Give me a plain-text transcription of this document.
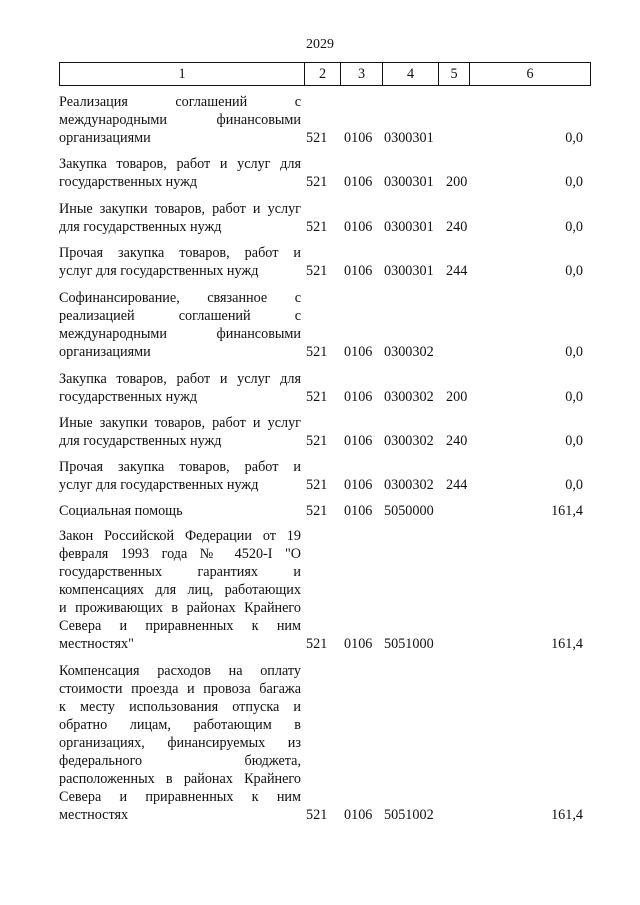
2029
1	2	3	4	5	6
Реализация соглашений с
международными финансовыми
организациями	521	0106 0300301	0,0
Закупка товаров, работ и услуг для
государственных нужд	521	0106 0300301 200	0,0
Иные закупки товаров, работ и услуг
для государственных нужд	521	0106 0300301 240	0,0
Прочая закупка товаров, работ и
услуг для государственных нужд	521	0106 0300301 244	0,0
Софинансирование, связанное с
реализацией соглашений с
международными финансовыми
организациями	521	0106 0300302	0,0
Закупка товаров, работ и услуг для
государственных нужд	521	0106 0300302 200	0,0
Иные закупки товаров, работ и услуг
для государственных нужд	521	0106 0300302 240	0,0
Прочая закупка товаров, работ и
услуг для государственных нужд	521	0106 0300302 244	0,0
Социальная помощь	521	0106 5050000	161,4
Закон Российской Федерации от 19
февраля 1993 года № 4520-I "О
государственных гарантиях и
компенсациях для лиц, работающих
и проживающих в районах Крайнего
Севера и приравненных к ним
местностях"	521	0106 5051000	161,4
Компенсация расходов на оплату
стоимости проезда и провоза багажа
к месту использования отпуска и
обратно лицам, работающим в
организациях, финансируемых из
федерального бюджета,
расположенных в районах Крайнего
Севера и приравненных к ним
местностях	521	0106 5051002	161,4
